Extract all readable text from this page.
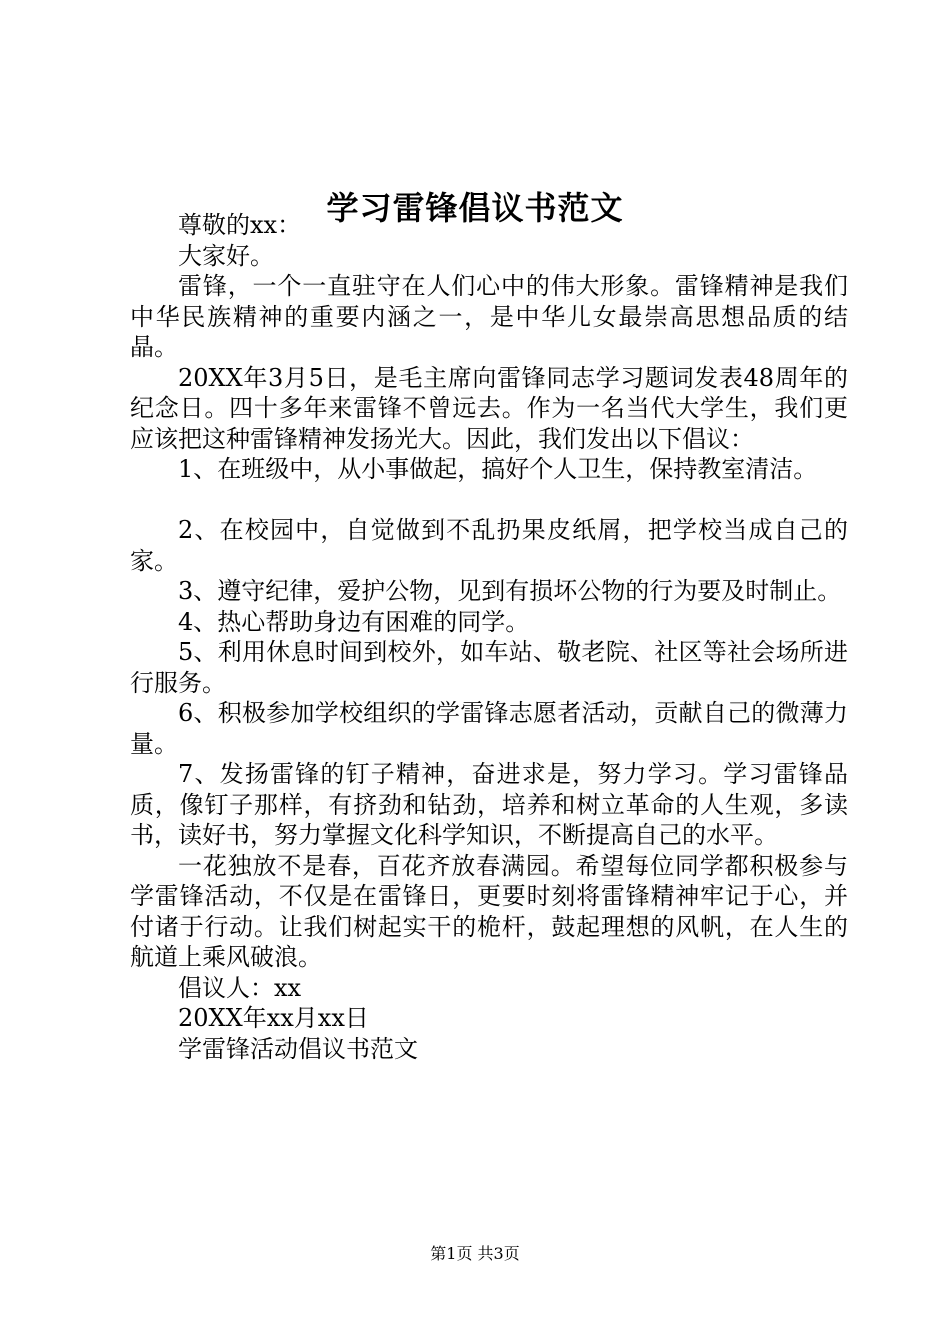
学习雷锋倡议书范文

尊敬的xx：

大家好。

雷锋，一个一直驻守在人们心中的伟大形象。雷锋精神是我们中华民族精神的重要内涵之一，是中华儿女最崇高思想品质的结晶。

20XX年3月5日，是毛主席向雷锋同志学习题词发表48周年的纪念日。四十多年来雷锋不曾远去。作为一名当代大学生，我们更应该把这种雷锋精神发扬光大。因此，我们发出以下倡议：

1、在班级中，从小事做起，搞好个人卫生，保持教室清洁。

2、在校园中，自觉做到不乱扔果皮纸屑，把学校当成自己的家。

3、遵守纪律，爱护公物，见到有损坏公物的行为要及时制止。

4、热心帮助身边有困难的同学。

5、利用休息时间到校外，如车站、敬老院、社区等社会场所进行服务。

6、积极参加学校组织的学雷锋志愿者活动，贡献自己的微薄力量。

7、发扬雷锋的钉子精神，奋进求是，努力学习。学习雷锋品质，像钉子那样，有挤劲和钻劲，培养和树立革命的人生观，多读书，读好书，努力掌握文化科学知识，不断提高自己的水平。

一花独放不是春，百花齐放春满园。希望每位同学都积极参与学雷锋活动，不仅是在雷锋日，更要时刻将雷锋精神牢记于心，并付诸于行动。让我们树起实干的桅杆，鼓起理想的风帆，在人生的航道上乘风破浪。

倡议人：xx

20XX年xx月xx日

学雷锋活动倡议书范文

第1页 共3页
